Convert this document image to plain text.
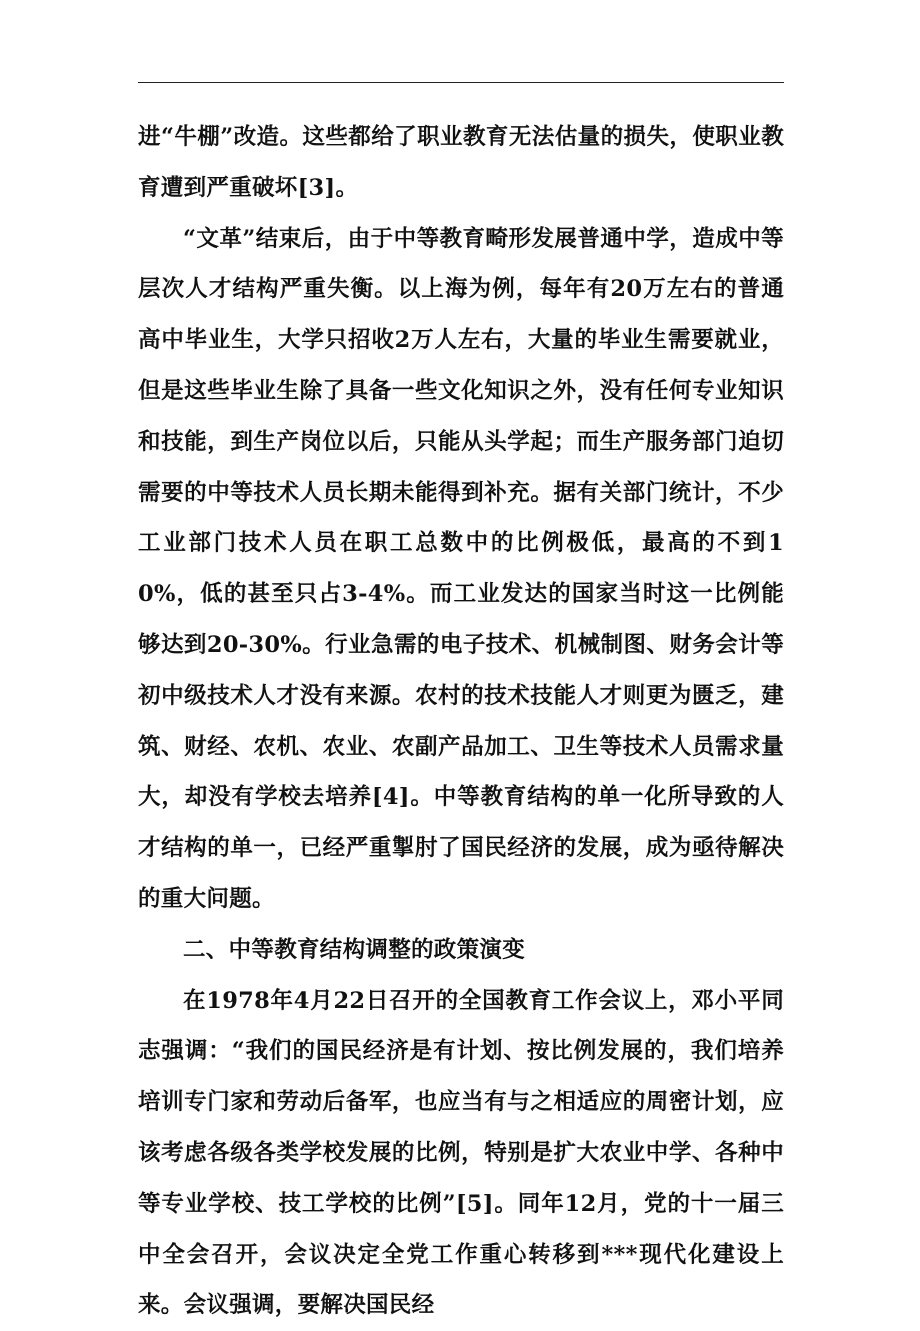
进“牛棚”改造。这些都给了职业教育无法估量的损失，使职业教育遭到严重破坏[3]。

“文革”结束后，由于中等教育畸形发展普通中学，造成中等层次人才结构严重失衡。以上海为例，每年有20万左右的普通高中毕业生，大学只招收2万人左右，大量的毕业生需要就业，但是这些毕业生除了具备一些文化知识之外，没有任何专业知识和技能，到生产岗位以后，只能从头学起；而生产服务部门迫切需要的中等技术人员长期未能得到补充。据有关部门统计，不少工业部门技术人员在职工总数中的比例极低，最高的不到10%，低的甚至只占3-4%。而工业发达的国家当时这一比例能够达到20-30%。行业急需的电子技术、机械制图、财务会计等初中级技术人才没有来源。农村的技术技能人才则更为匮乏，建筑、财经、农机、农业、农副产品加工、卫生等技术人员需求量大，却没有学校去培养[4]。中等教育结构的单一化所导致的人才结构的单一，已经严重掣肘了国民经济的发展，成为亟待解决的重大问题。

二、中等教育结构调整的政策演变

在1978年4月22日召开的全国教育工作会议上，邓小平同志强调：“我们的国民经济是有计划、按比例发展的，我们培养培训专门家和劳动后备军，也应当有与之相适应的周密计划，应该考虑各级各类学校发展的比例，特别是扩大农业中学、各种中等专业学校、技工学校的比例”[5]。同年12月，党的十一届三中全会召开，会议决定全党工作重心转移到***现代化建设上来。会议强调，要解决国民经
